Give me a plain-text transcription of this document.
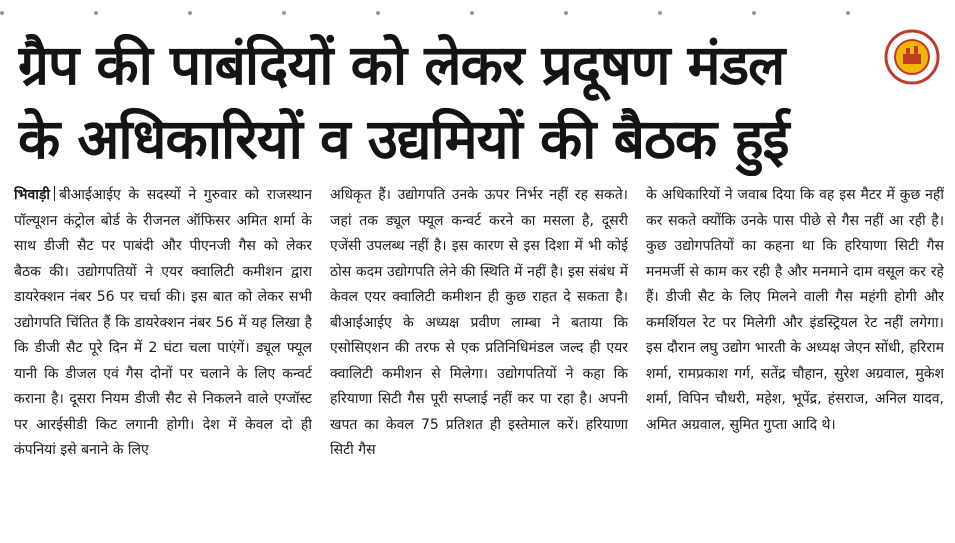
ग्रैप की पाबंदियों को लेकर प्रदूषण मंडल
के अधिकारियों व उद्यमियों की बैठक हुई
भिवाड़ी बीआईआईए के सदस्यों ने गुरुवार को राजस्थान पॉल्यूशन कंट्रोल बोर्ड के रीजनल ऑफिसर अमित शर्मा के साथ डीजी सैट पर पाबंदी और पीएनजी गैस को लेकर बैठक की। उद्योगपतियों ने एयर क्वालिटी कमीशन द्वारा डायरेक्शन नंबर 56 पर चर्चा की। इस बात को लेकर सभी उद्योगपति चिंतित हैं कि डायरेक्शन नंबर 56 में यह लिखा है कि डीजी सैट पूरे दिन में 2 घंटा चला पाएंगें। ड्यूल फ्यूल यानी कि डीजल एवं गैस दोनों पर चलाने के लिए कन्वर्ट कराना है। दूसरा नियम डीजी सैट से निकलने वाले एग्जॉस्ट पर आरईसीडी किट लगानी होगी। देश में केवल दो ही कंपनियां इसे बनाने के लिए
अधिकृत हैं। उद्योगपति उनके ऊपर निर्भर नहीं रह सकते। जहां तक ड्यूल फ्यूल कन्वर्ट करने का मसला है, दूसरी एजेंसी उपलब्ध नहीं है। इस कारण से इस दिशा में भी कोई ठोस कदम उद्योगपति लेने की स्थिति में नहीं है। इस संबंध में केवल एयर क्वालिटी कमीशन ही कुछ राहत दे सकता है। बीआईआईए के अध्यक्ष प्रवीण लाम्बा ने बताया कि एसोसिएशन की तरफ से एक प्रतिनिधिमंडल जल्द ही एयर क्वालिटी कमीशन से मिलेगा। उद्योगपतियों ने कहा कि हरियाणा सिटी गैस पूरी सप्लाई नहीं कर पा रहा है। अपनी खपत का केवल 75 प्रतिशत ही इस्तेमाल करें। हरियाणा सिटी गैस
के अधिकारियों ने जवाब दिया कि वह इस मैटर में कुछ नहीं कर सकते क्योंकि उनके पास पीछे से गैस नहीं आ रही है। कुछ उद्योगपतियों का कहना था कि हरियाणा सिटी गैस मनमर्जी से काम कर रही है और मनमाने दाम वसूल कर रहे हैं। डीजी सैट के लिए मिलने वाली गैस महंगी होगी और कमर्शियल रेट पर मिलेगी और इंडस्ट्रियल रेट नहीं लगेगा। इस दौरान लघु उद्योग भारती के अध्यक्ष जेएन सोंधी, हरिराम शर्मा, रामप्रकाश गर्ग, सतेंद्र चौहान, सुरेश अग्रवाल, मुकेश शर्मा, विपिन चौधरी, महेश, भूपेंद्र, हंसराज, अनिल यादव, अमित अग्रवाल, सुमित गुप्ता आदि थे।
